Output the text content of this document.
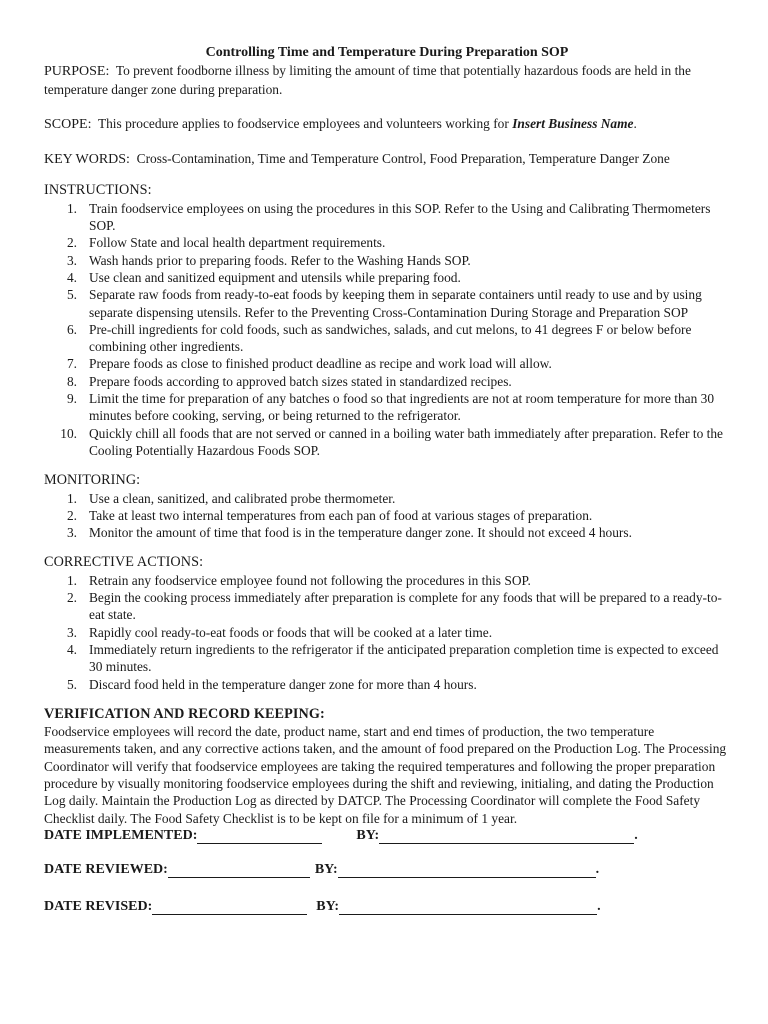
Controlling Time and Temperature During Preparation SOP

PURPOSE: To prevent foodborne illness by limiting the amount of time that potentially hazardous foods are held in the temperature danger zone during preparation.

SCOPE: This procedure applies to foodservice employees and volunteers working for Insert Business Name.

KEY WORDS: Cross-Contamination, Time and Temperature Control, Food Preparation, Temperature Danger Zone

INSTRUCTIONS:
1. Train foodservice employees on using the procedures in this SOP. Refer to the Using and Calibrating Thermometers SOP.
2. Follow State and local health department requirements.
3. Wash hands prior to preparing foods. Refer to the Washing Hands SOP.
4. Use clean and sanitized equipment and utensils while preparing food.
5. Separate raw foods from ready-to-eat foods by keeping them in separate containers until ready to use and by using separate dispensing utensils. Refer to the Preventing Cross-Contamination During Storage and Preparation SOP
6. Pre-chill ingredients for cold foods, such as sandwiches, salads, and cut melons, to 41 degrees F or below before combining other ingredients.
7. Prepare foods as close to finished product deadline as recipe and work load will allow.
8. Prepare foods according to approved batch sizes stated in standardized recipes.
9. Limit the time for preparation of any batches o food so that ingredients are not at room temperature for more than 30 minutes before cooking, serving, or being returned to the refrigerator.
10. Quickly chill all foods that are not served or canned in a boiling water bath immediately after preparation. Refer to the Cooling Potentially Hazardous Foods SOP.
MONITORING:
1. Use a clean, sanitized, and calibrated probe thermometer.
2. Take at least two internal temperatures from each pan of food at various stages of preparation.
3. Monitor the amount of time that food is in the temperature danger zone. It should not exceed 4 hours.
CORRECTIVE ACTIONS:
1. Retrain any foodservice employee found not following the procedures in this SOP.
2. Begin the cooking process immediately after preparation is complete for any foods that will be prepared to a ready-to-eat state.
3. Rapidly cool ready-to-eat foods or foods that will be cooked at a later time.
4. Immediately return ingredients to the refrigerator if the anticipated preparation completion time is expected to exceed 30 minutes.
5. Discard food held in the temperature danger zone for more than 4 hours.
VERIFICATION AND RECORD KEEPING:

Foodservice employees will record the date, product name, start and end times of production, the two temperature measurements taken, and any corrective actions taken, and the amount of food prepared on the Production Log. The Processing Coordinator will verify that foodservice employees are taking the required temperatures and following the proper preparation procedure by visually monitoring foodservice employees during the shift and reviewing, initialing, and dating the Production Log daily. Maintain the Production Log as directed by DATCP. The Processing Coordinator will complete the Food Safety Checklist daily. The Food Safety Checklist is to be kept on file for a minimum of 1 year.

DATE IMPLEMENTED:	BY:	.
DATE REVIEWED:	BY:	.
DATE REVISED:	BY:	.
